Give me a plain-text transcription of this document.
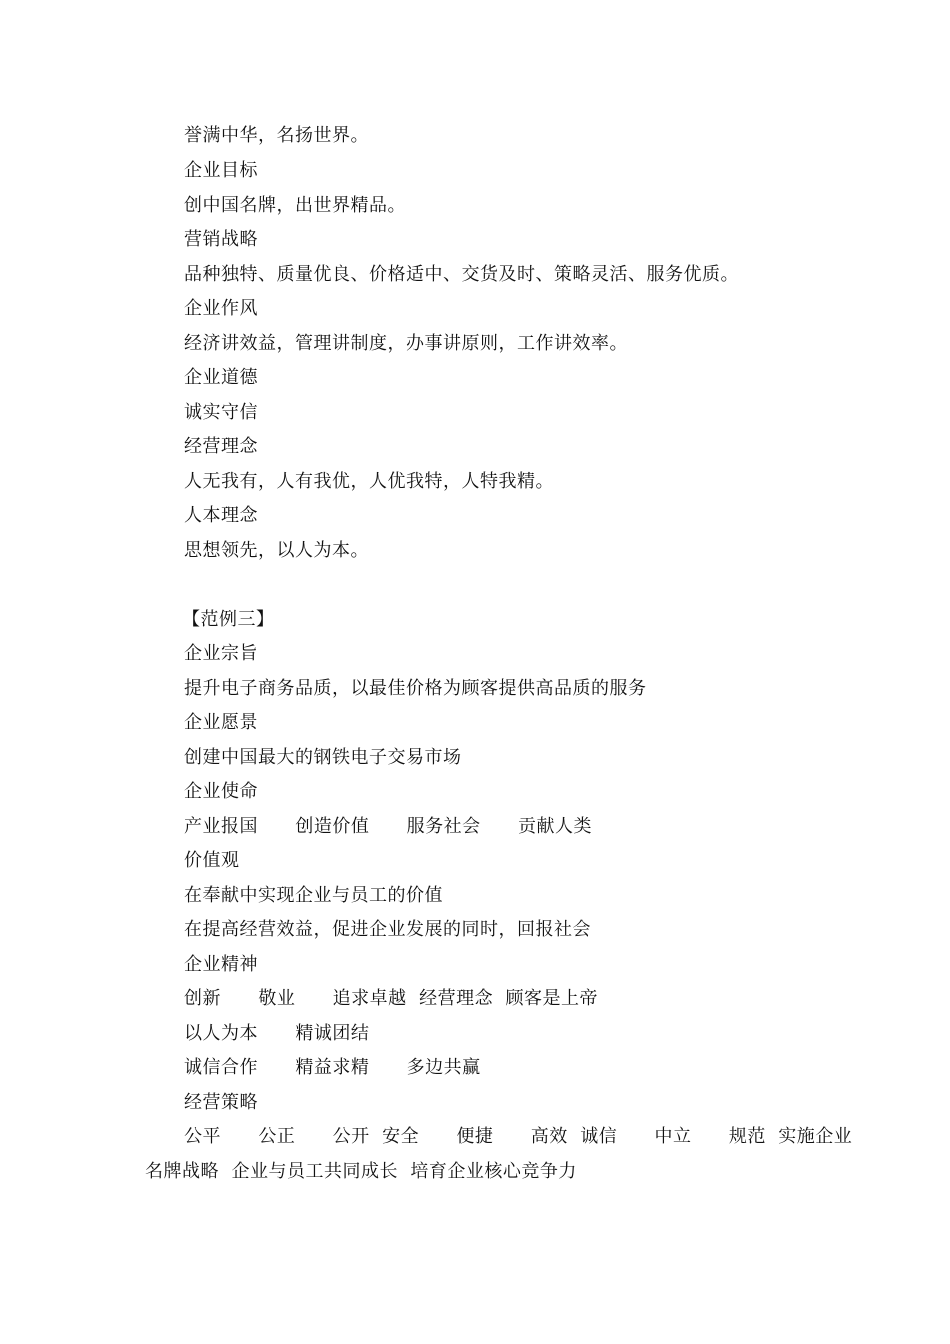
誉满中华，名扬世界。
企业目标
创中国名牌，出世界精品。
营销战略
品种独特、质量优良、价格适中、交货及时、策略灵活、服务优质。
企业作风
经济讲效益，管理讲制度，办事讲原则，工作讲效率。
企业道德
诚实守信
经营理念
人无我有，人有我优，人优我特，人特我精。
人本理念
思想领先，以人为本。
【范例三】
企业宗旨
提升电子商务品质，以最佳价格为顾客提供高品质的服务
企业愿景
创建中国最大的钢铁电子交易市场
企业使命
产业报国      创造价值      服务社会      贡献人类
价值观
在奉献中实现企业与员工的价值
在提高经营效益，促进企业发展的同时，回报社会
企业精神
创新      敬业      追求卓越  经营理念  顾客是上帝
以人为本      精诚团结
诚信合作      精益求精      多边共赢
经营策略
公平      公正      公开  安全      便捷      高效  诚信      中立      规范  实施企业
名牌战略  企业与员工共同成长  培育企业核心竞争力
